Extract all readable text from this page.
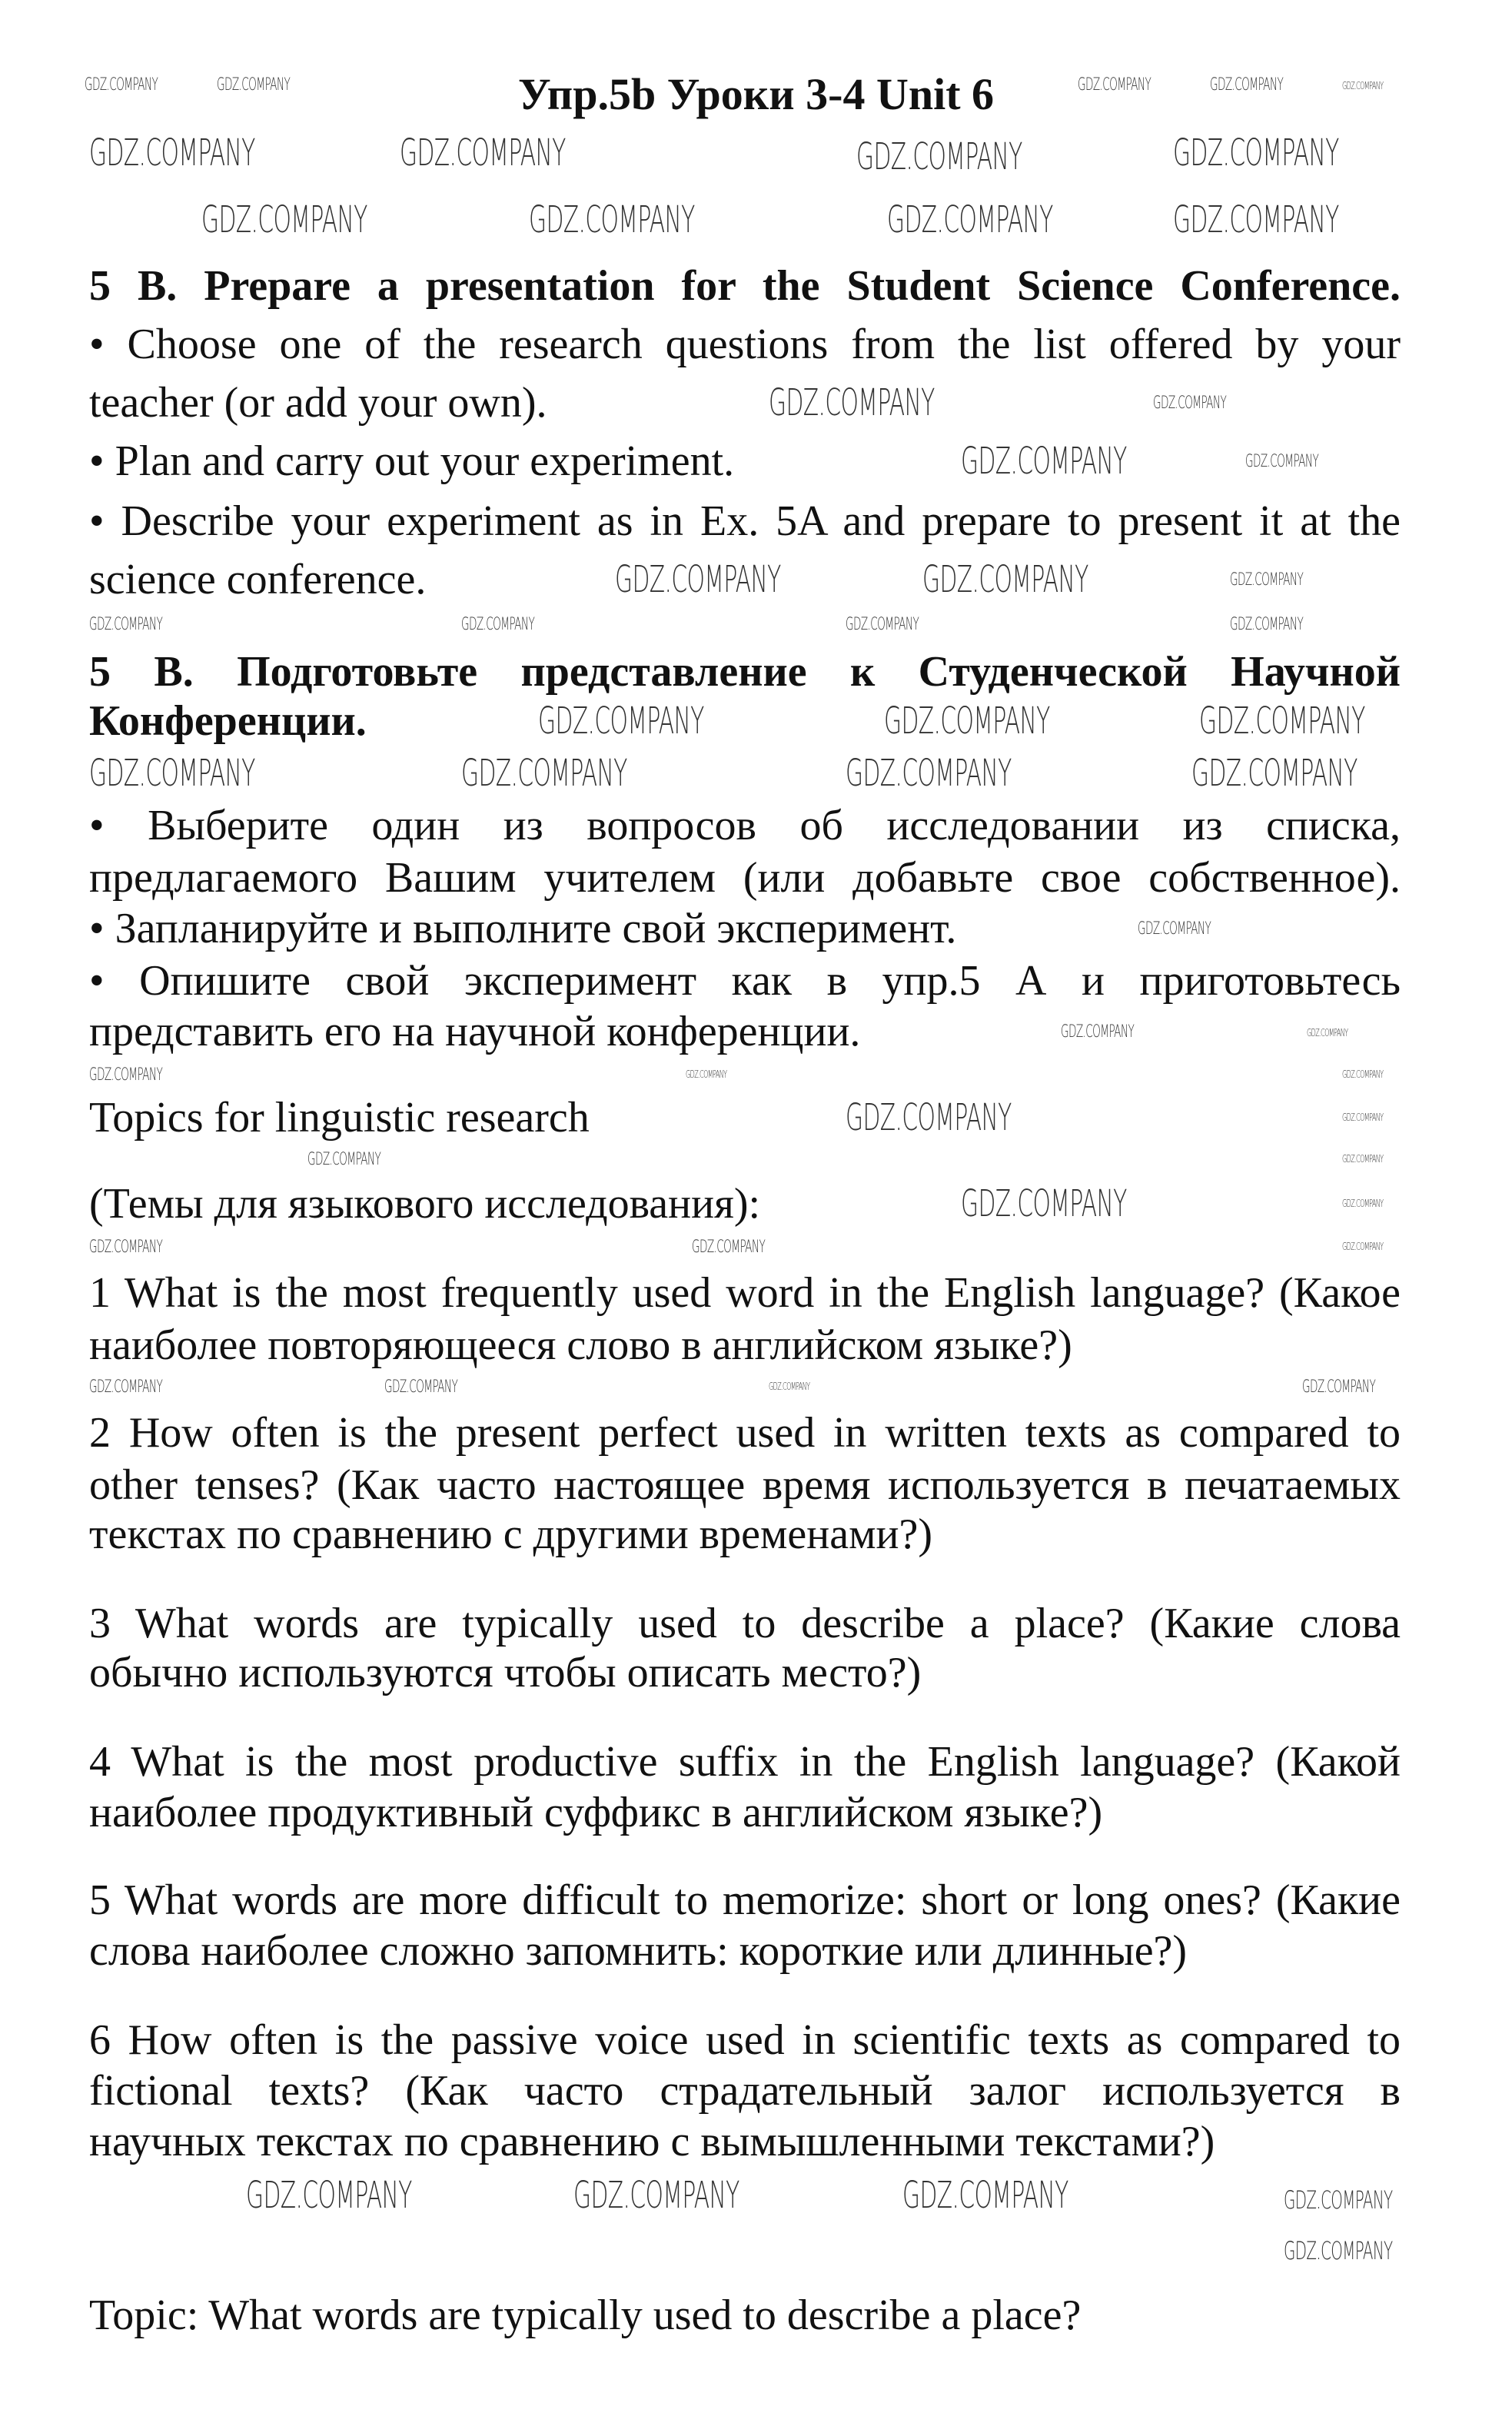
Упр.5b Уроки 3-4 Unit 6
5 B. Prepare a presentation for the Student Science Conference.
• Choose one of the research questions from the list offered by your
teacher (or add your own).
• Plan and carry out your experiment.
• Describe your experiment as in Ex. 5A and prepare to present it at the
science conference.
5 В. Подготовьте представление к Студенческой Научной
Конференции.
• Выберите один из вопросов об исследовании из списка,
предлагаемого Вашим учителем (или добавьте свое собственное).
• Запланируйте и выполните свой эксперимент.
• Опишите свой эксперимент как в упр.5 А и приготовьтесь
представить его на научной конференции.
Topics for linguistic research
(Темы для языкового исследования):
1 What is the most frequently used word in the English language? (Какое
наиболее повторяющееся слово в английском языке?)
2 How often is the present perfect used in written texts as compared to
other tenses? (Как часто настоящее время используется в печатаемых
текстах по сравнению с другими временами?)
3 What words are typically used to describe a place? (Какие слова
обычно используются чтобы описать место?)
4 What is the most productive suffix in the English language? (Какой
наиболее продуктивный суффикс в английском языке?)
5 What words are more difficult to memorize: short or long ones? (Какие
слова наиболее сложно запомнить: короткие или длинные?)
6 How often is the passive voice used in scientific texts as compared to
fictional texts? (Как часто страдательный залог используется в
научных текстах по сравнению с вымышленными текстами?)
Topic: What words are typically used to describe a place?
GDZ.COMPANY	GDZ.COMPANY	GDZ.COMPANY	GDZ.COMPANY	GDZ.COMPANY
GDZ.COMPANY	GDZ.COMPANY	GDZ.COMPANY	GDZ.COMPANY
GDZ.COMPANY	GDZ.COMPANY	GDZ.COMPANY	GDZ.COMPANY
GDZ.COMPANY	GDZ.COMPANY
GDZ.COMPANY	GDZ.COMPANY
GDZ.COMPANY	GDZ.COMPANY	GDZ.COMPANY
GDZ.COMPANY	GDZ.COMPANY	GDZ.COMPANY	GDZ.COMPANY
GDZ.COMPANY	GDZ.COMPANY	GDZ.COMPANY
GDZ.COMPANY	GDZ.COMPANY	GDZ.COMPANY	GDZ.COMPANY
GDZ.COMPANY
GDZ.COMPANY	GDZ.COMPANY
GDZ.COMPANY	GDZ.COMPANY	GDZ.COMPANY
GDZ.COMPANY	GDZ.COMPANY
GDZ.COMPANY	GDZ.COMPANY
GDZ.COMPANY	GDZ.COMPANY
GDZ.COMPANY	GDZ.COMPANY	GDZ.COMPANY
GDZ.COMPANY	GDZ.COMPANY	GDZ.COMPANY	GDZ.COMPANY
GDZ.COMPANY	GDZ.COMPANY	GDZ.COMPANY	GDZ.COMPANY
GDZ.COMPANY
